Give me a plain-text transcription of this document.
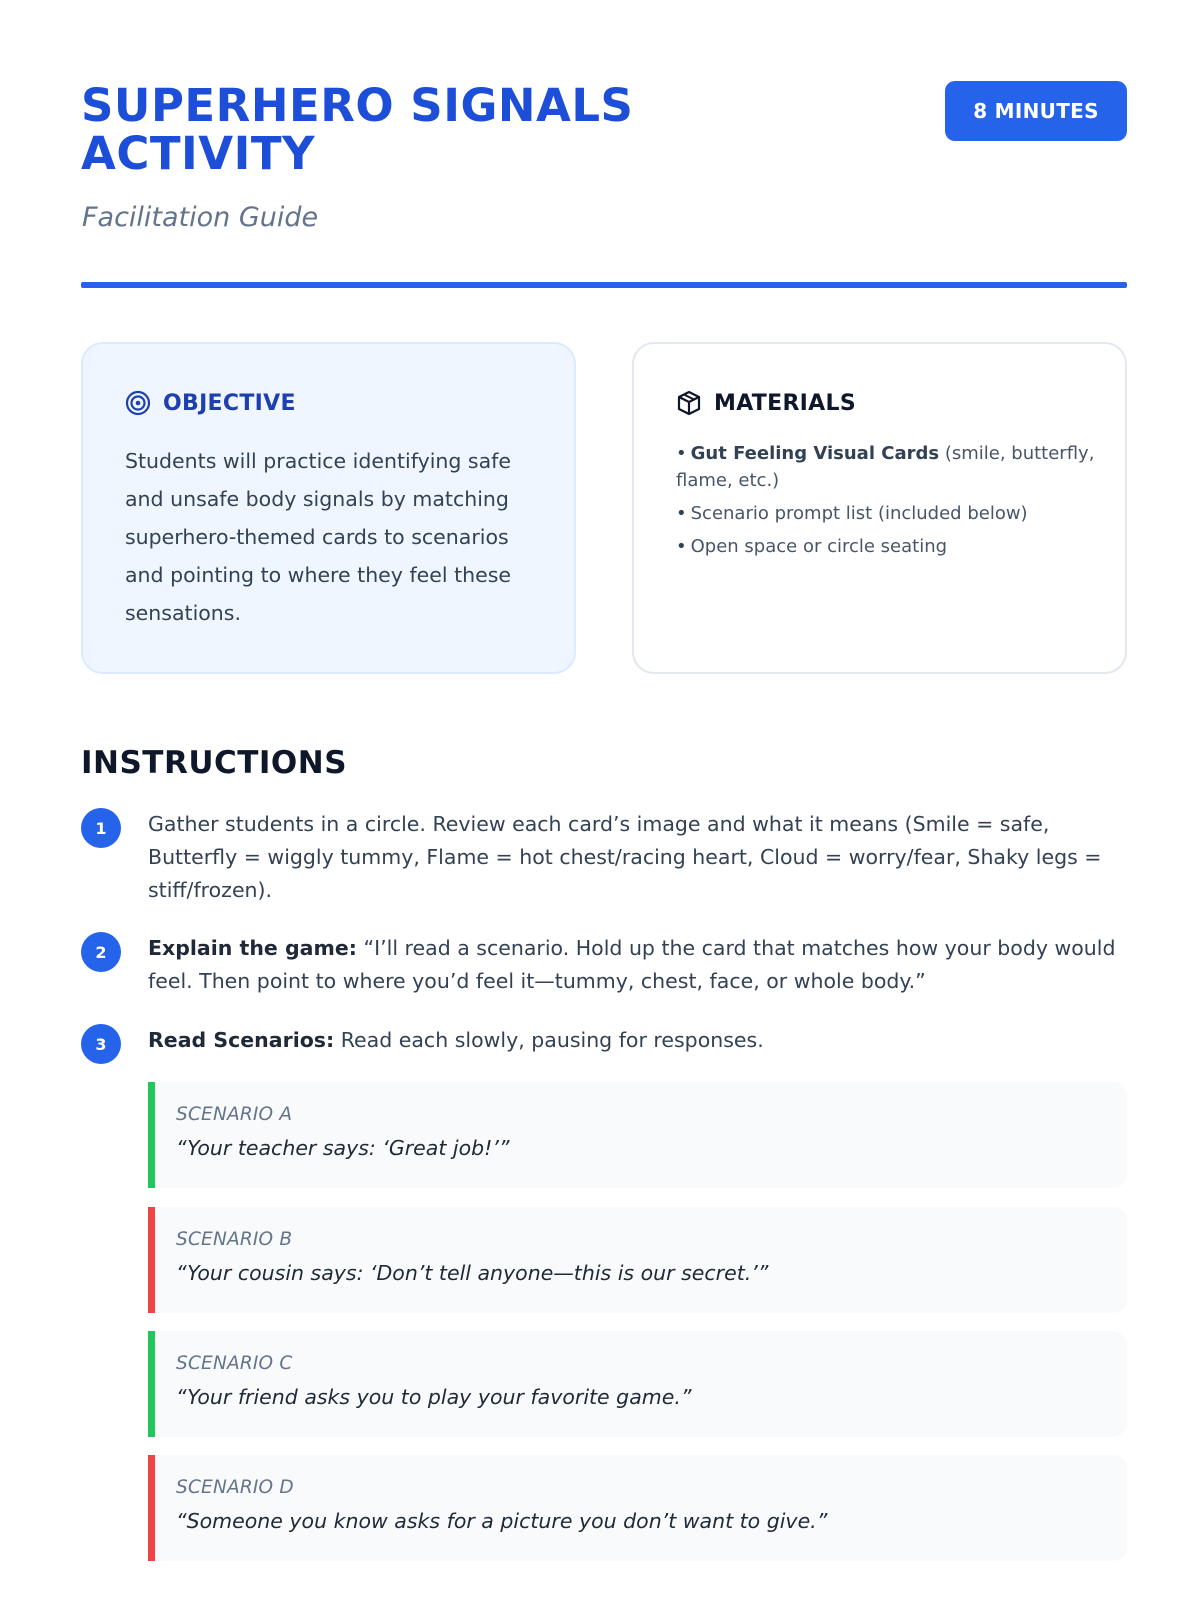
SUPERHERO SIGNALS
ACTIVITY
Facilitation Guide
8 MINUTES
OBJECTIVE

Students will practice identifying safe and unsafe body signals by matching superhero-themed cards to scenarios and pointing to where they feel these sensations.

MATERIALS
• Gut Feeling Visual Cards (smile, butterfly, flame, etc.)
• Scenario prompt list (included below)
• Open space or circle seating
INSTRUCTIONS
1	Gather students in a circle. Review each card’s image and what it means (Smile = safe, Butterfly = wiggly tummy, Flame = hot chest/racing heart, Cloud = worry/fear, Shaky legs = stiff/frozen).

2	Explain the game: “I’ll read a scenario. Hold up the card that matches how your body would feel. Then point to where you’d feel it—tummy, chest, face, or whole body.”

3	Read Scenarios: Read each slowly, pausing for responses.

SCENARIO A
“Your teacher says: ‘Great job!’”
SCENARIO B
“Your cousin says: ‘Don’t tell anyone—this is our secret.’”
SCENARIO C
“Your friend asks you to play your favorite game.”
SCENARIO D
“Someone you know asks for a picture you don’t want to give.”
